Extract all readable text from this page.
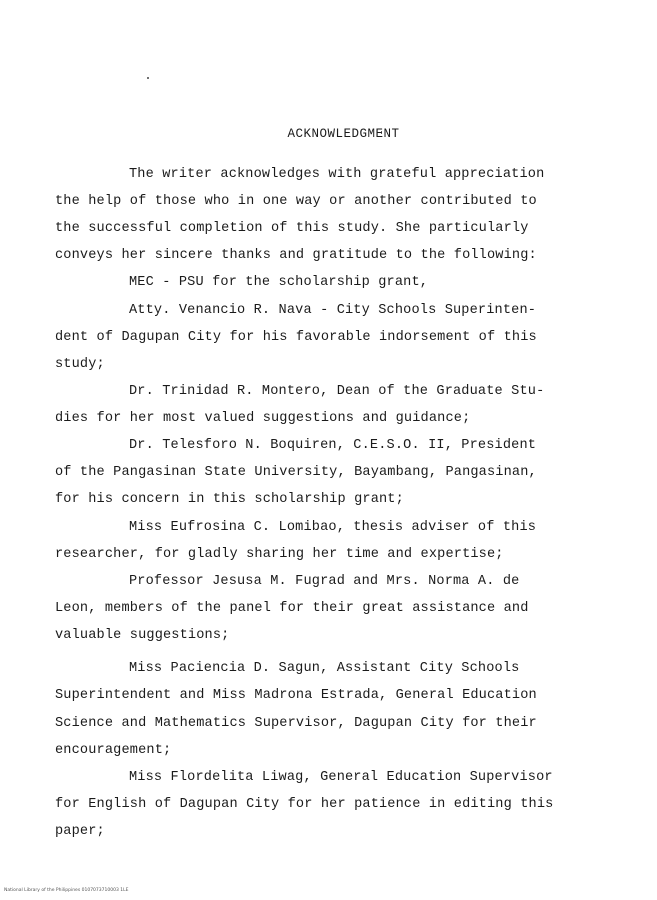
ACKNOWLEDGMENT
The writer acknowledges with grateful appreciation
the help of those who in one way or another contributed to
the successful completion of this study. She particularly
conveys her sincere thanks and gratitude to the following:
MEC - PSU for the scholarship grant,
Atty. Venancio R. Nava - City Schools Superinten-
dent of Dagupan City for his favorable indorsement of this
study;
Dr. Trinidad R. Montero, Dean of the Graduate Stu-
dies for her most valued suggestions and guidance;
Dr. Telesforo N. Boquiren, C.E.S.O. II, President
of the Pangasinan State University, Bayambang, Pangasinan,
for his concern in this scholarship grant;
Miss Eufrosina C. Lomibao, thesis adviser of this
researcher, for gladly sharing her time and expertise;
Professor Jesusa M. Fugrad and Mrs. Norma A. de
Leon, members of the panel for their great assistance and
valuable suggestions;
Miss Paciencia D. Sagun, Assistant City Schools
Superintendent and Miss Madrona Estrada, General Education
Science and Mathematics Supervisor, Dagupan City for their
encouragement;
Miss Flordelita Liwag, General Education Supervisor
for English of Dagupan City for her patience in editing this
paper;
National Library of the Philippines 0107073710003 1LE
